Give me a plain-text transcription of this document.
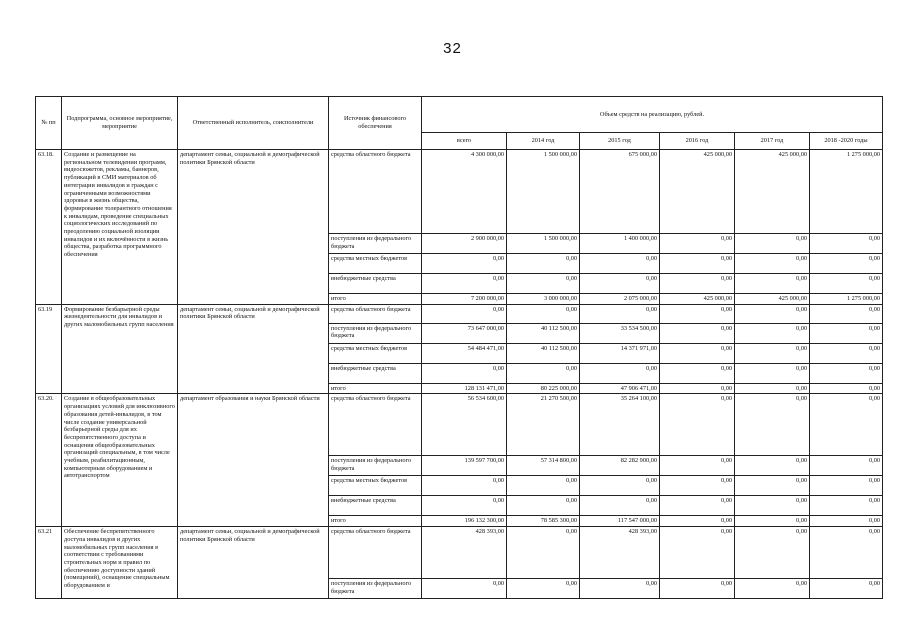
32
№ пп	Подпрограмма, основное мероприятие, мероприятие	Ответственный исполнитель, соисполнители	Источник финансового обеспечения	Объем средств на реализацию, рублей.					
				всего	2014 год	2015 год	2016 год	2017 год	2018 -2020 годы
63.18.	Создание и размещение на региональном телевидении программ, видеосюжетов, рекламы, баннеров, публикаций в СМИ материалов об интеграции инвалидов и граждан с ограниченными возможностями здоровья в жизнь общества, формирование толерантного отношения к инвалидам, проведение специальных социологических исследований по преодолению социальной изоляции инвалидов и их включённости в жизнь общества, разработка программного обеспечения	департамент семьи, социальной и демографической политики Брянской области	средства областного бюджета	4 300 000,00	1 500 000,00	675 000,00	425 000,00	425 000,00	1 275 000,00
			поступления из федерального бюджета	2 900 000,00	1 500 000,00	1 400 000,00	0,00	0,00	0,00
			средства местных бюджетов	0,00	0,00	0,00	0,00	0,00	0,00
			внебюджетные средства	0,00	0,00	0,00	0,00	0,00	0,00
			итого	7 200 000,00	3 000 000,00	2 075 000,00	425 000,00	425 000,00	1 275 000,00
63.19	Формирование безбарьерной среды жизнедеятельности для инвалидов и других маломобильных групп населения	департамент семьи, социальной и демографической политики Брянской области	средства областного бюджета	0,00	0,00	0,00	0,00	0,00	0,00
			поступления из федерального бюджета	73 647 000,00	40 112 500,00	33 534 500,00	0,00	0,00	0,00
			средства местных бюджетов	54 484 471,00	40 112 500,00	14 371 971,00	0,00	0,00	0,00
			внебюджетные средства	0,00	0,00	0,00	0,00	0,00	0,00
			итого	128 131 471,00	80 225 000,00	47 906 471,00	0,00	0,00	0,00
63.20.	Создание в общеобразовательных организациях условий для инклюзивного образования детей-инвалидов, в том числе создание универсальной безбарьерной среды для их беспрепятственного доступа и оснащения общеобразовательных организаций специальным, в том числе учебным, реабилитационным, компьютерным оборудованием и автотранспортом	департамент образования и науки Брянской области	средства областного бюджета	56 534 600,00	21 270 500,00	35 264 100,00	0,00	0,00	0,00
			поступления из федерального бюджета	139 597 700,00	57 314 800,00	82 282 900,00	0,00	0,00	0,00
			средства местных бюджетов	0,00	0,00	0,00	0,00	0,00	0,00
			внебюджетные средства	0,00	0,00	0,00	0,00	0,00	0,00
			итого	196 132 300,00	78 585 300,00	117 547 000,00	0,00	0,00	0,00
63.21	Обеспечение беспрепятственного доступа инвалидов и других маломобильных групп населения в соответствии с требованиями строительных норм и правил по обеспечению доступности зданий (помещений), оснащение специальным оборудованием и	департамент семьи, социальной и демографической политики Брянской области	средства областного бюджета	428 393,00	0,00	428 393,00	0,00	0,00	0,00
			поступления из федерального бюджета	0,00	0,00	0,00	0,00	0,00	0,00
